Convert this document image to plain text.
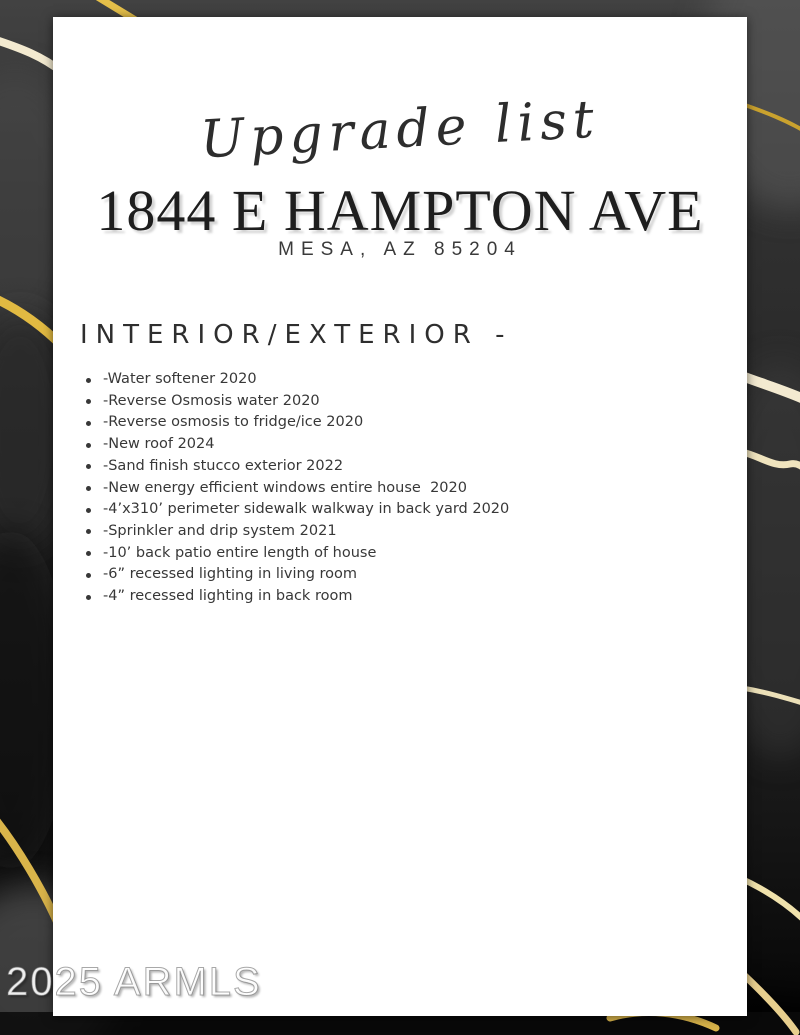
Upgrade list
1844 E HAMPTON AVE
MESA, AZ 85204
INTERIOR/EXTERIOR -
-Water softener 2020
-Reverse Osmosis water 2020
-Reverse osmosis to fridge/ice 2020
-New roof 2024
-Sand finish stucco exterior 2022
-New energy efficient windows entire house  2020
-4’x310’ perimeter sidewalk walkway in back yard 2020
-Sprinkler and drip system 2021
-10’ back patio entire length of house
-6” recessed lighting in living room
-4” recessed lighting in back room
2025 ARMLS
